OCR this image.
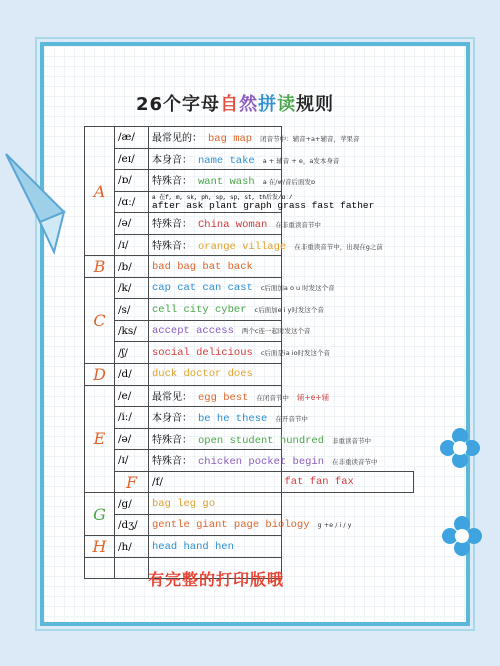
26个字母自然拼读规则
A	/æ/	最常见的： bag map 闭音节中：辅音+a+辅音，苹果音	
	/eɪ/	本身音： name take a + 辅音 + e，a发本身音	
	/ɒ/	特殊音： want wash a 在/w/音后面发ɒ	
	/ɑː/	a 在f, m, sk, ph, sp, sp, st, th后发/ɑː/
after ask plant graph grass fast father	

	/ə/	特殊音： China woman 在非重读音节中	
	/ɪ/	特殊音： orange village 在非重读音节中，出现在g之前	
B	/b/	bad bag bat back	
C	/k/	cap cat can cast c后面加a o u 时发这个音	
	/s/	cell city cyber c后面加e i y时发这个音	
	/ks/	accept access 两个c连一起时发这个音	
	/ʃ/	social delicious c后面是ia io时发这个音	
D	/d/	duck doctor does	
E	/e/	最常见： egg best 在闭音节中 辅+e+辅	
	/iː/	本身音： be he these 在开音节中	
	/ə/	特殊音： open student hundred 非重读音节中	
	/ɪ/	特殊音： chicken pocket begin 在非重读音节中	
	F	/f/	fat fan fax
G	/g/	bag leg go	
	/dʒ/	gentle giant page biology g +e / i / y	
H	/h/	head hand hen	

有完整的打印版哦
